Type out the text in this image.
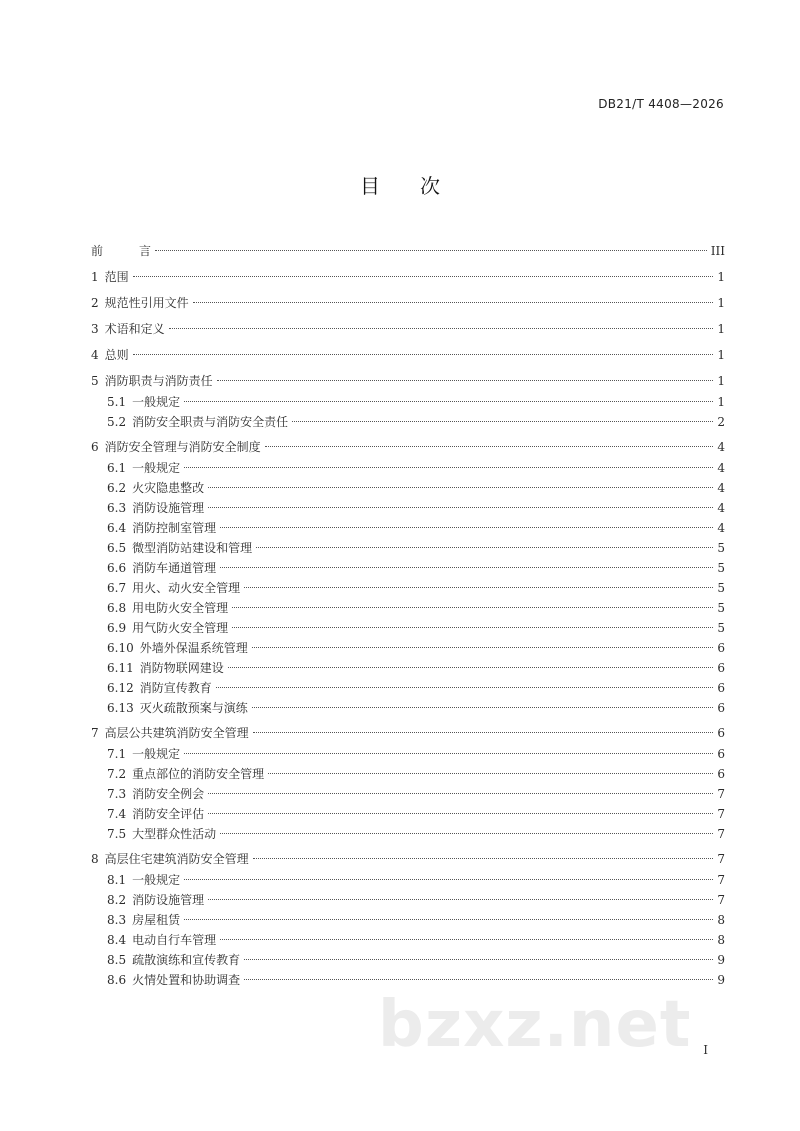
DB21/T 4408—2026
目 次
前	言	III
1 范围	1
2 规范性引用文件	1
3 术语和定义	1
4 总则	1
5 消防职责与消防责任	1
5.1 一般规定	1
5.2 消防安全职责与消防安全责任	2
6 消防安全管理与消防安全制度	4
6.1 一般规定	4
6.2 火灾隐患整改	4
6.3 消防设施管理	4
6.4 消防控制室管理	4
6.5 微型消防站建设和管理	5
6.6 消防车通道管理	5
6.7 用火、动火安全管理	5
6.8 用电防火安全管理	5
6.9 用气防火安全管理	5
6.10 外墙外保温系统管理	6
6.11 消防物联网建设	6
6.12 消防宣传教育	6
6.13 灭火疏散预案与演练	6
7 高层公共建筑消防安全管理	6
7.1 一般规定	6
7.2 重点部位的消防安全管理	6
7.3 消防安全例会	7
7.4 消防安全评估	7
7.5 大型群众性活动	7
8 高层住宅建筑消防安全管理	7
8.1 一般规定	7
8.2 消防设施管理	7
8.3 房屋租赁	8
8.4 电动自行车管理	8
8.5 疏散演练和宣传教育	9
8.6 火情处置和协助调查	9
I
bzxz.net
